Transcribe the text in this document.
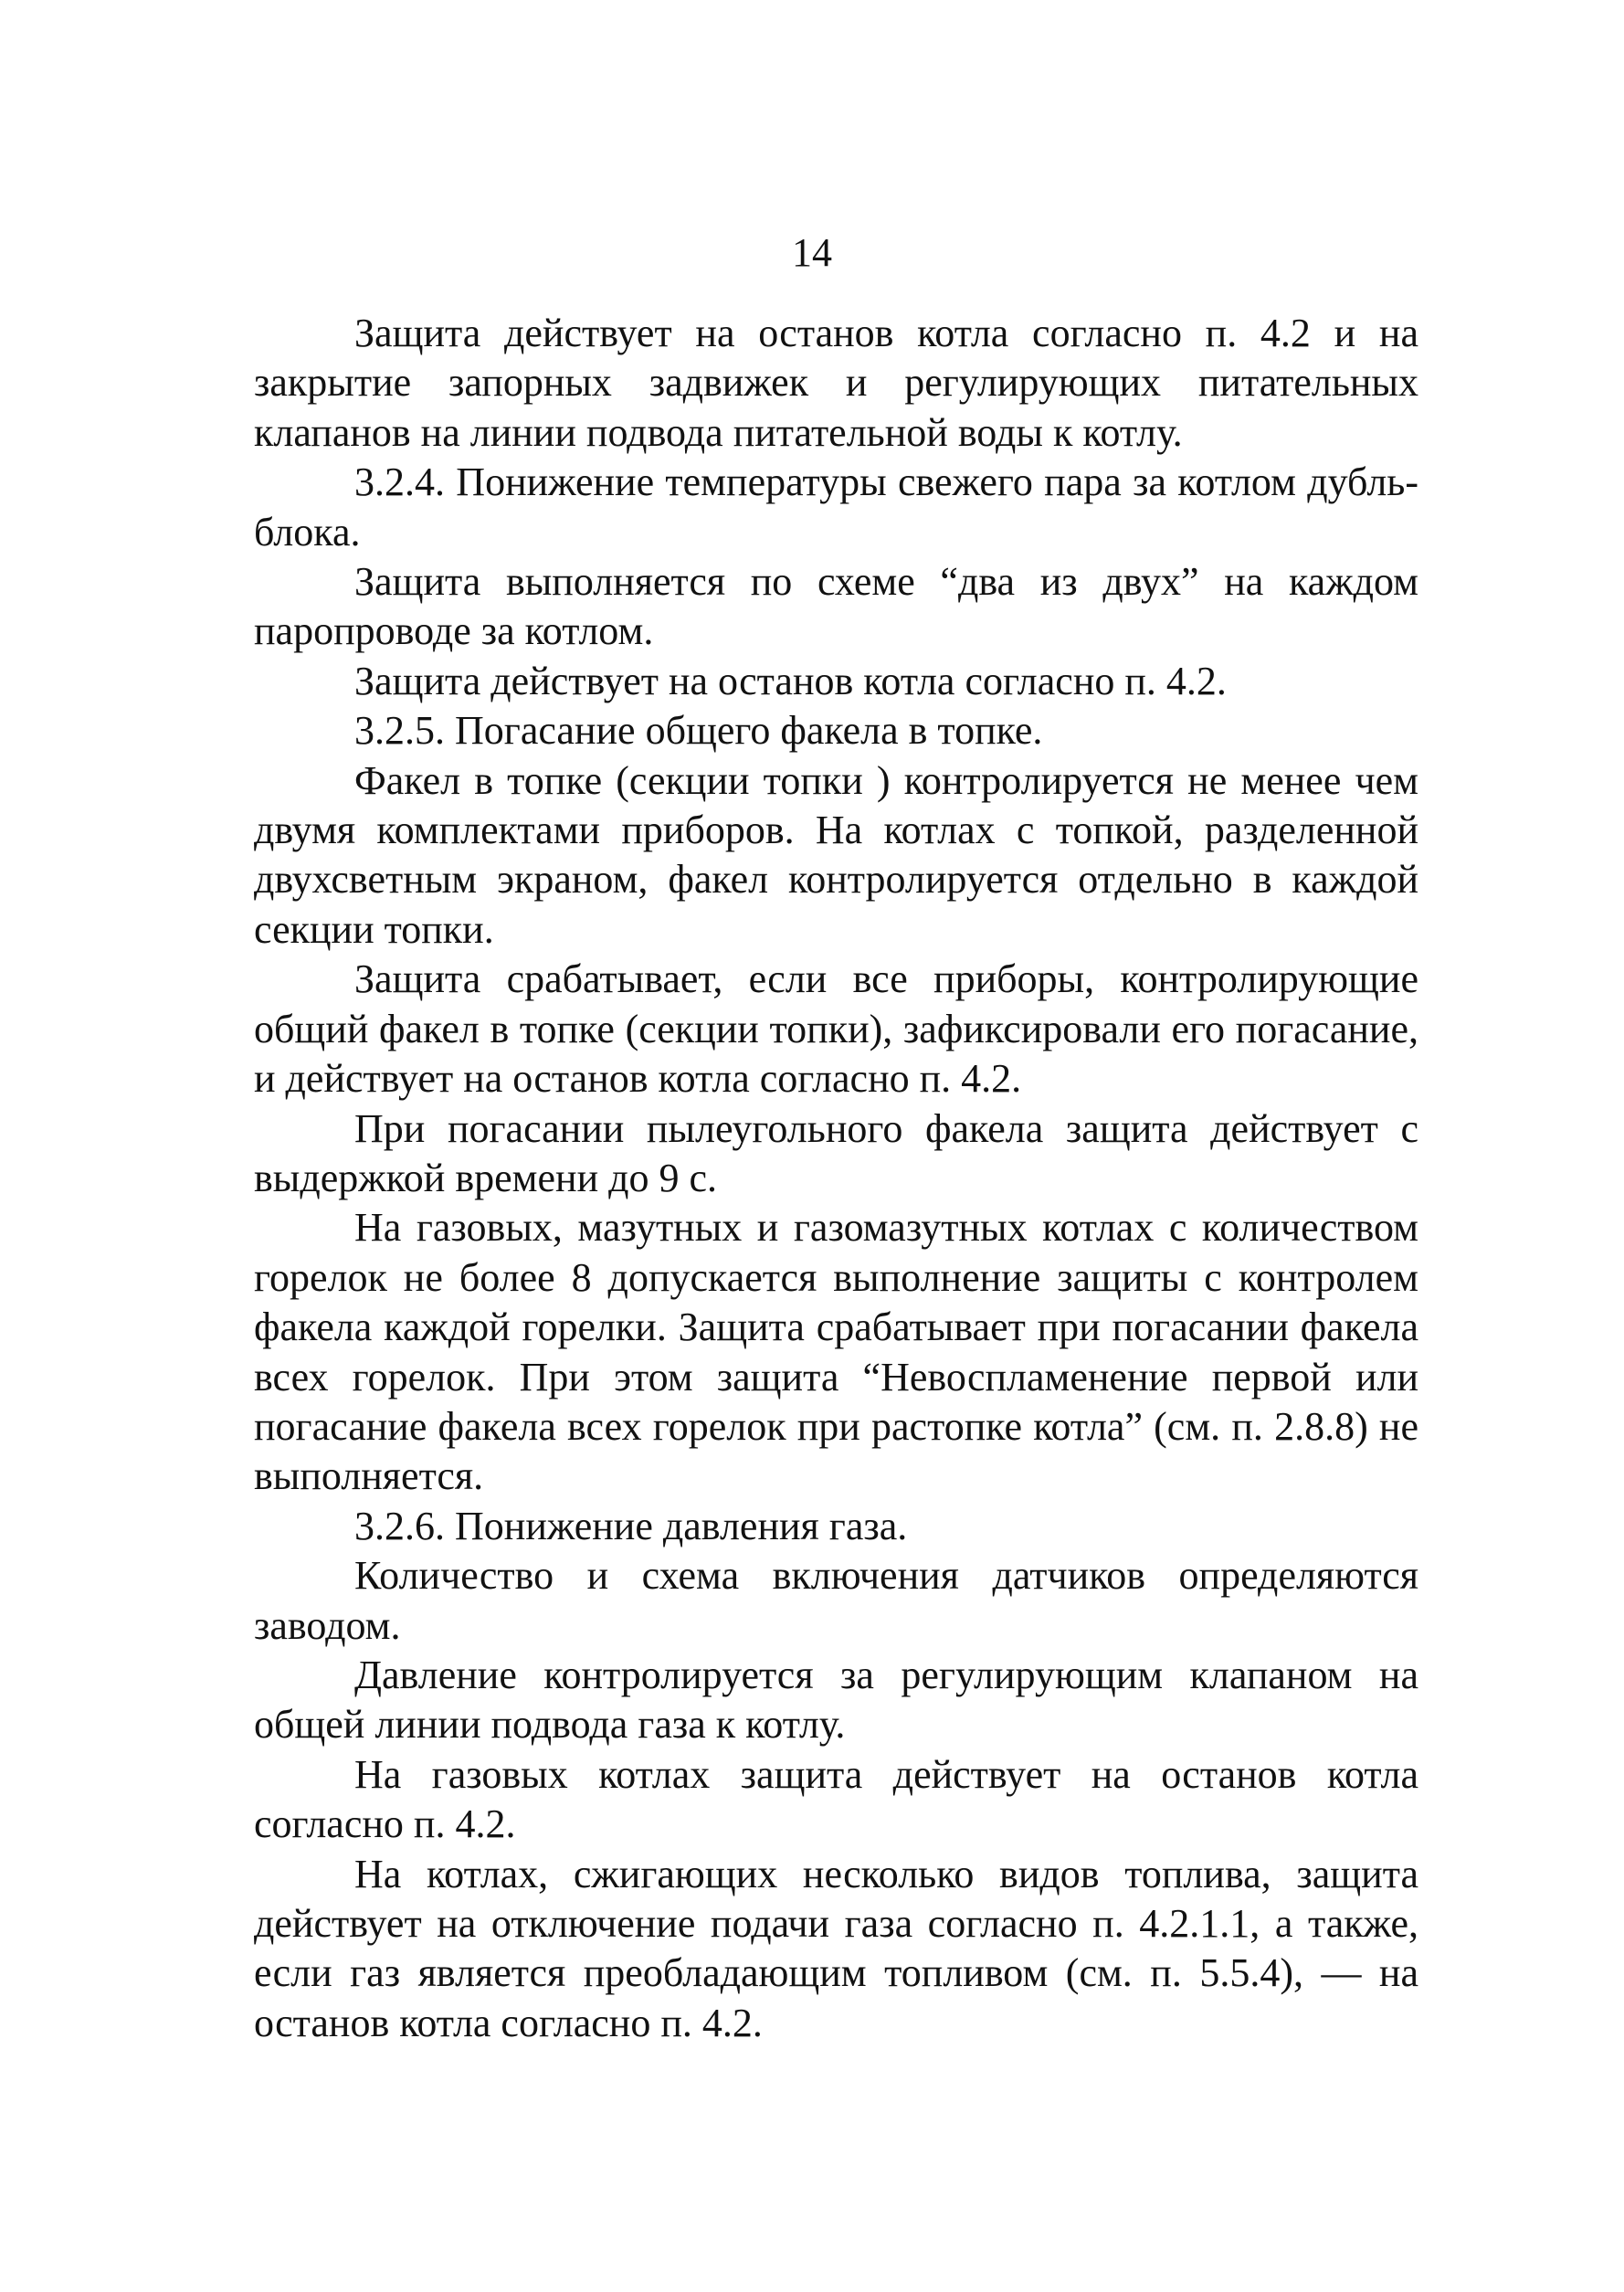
14

Защита действует на останов котла согласно п. 4.2 и на закрытие запорных задвижек и регулирующих питательных клапанов на линии подвода питательной воды к котлу.

3.2.4. Понижение температуры свежего пара за котлом дубль-блока.

Защита выполняется по схеме “два из двух” на каждом паропроводе за котлом.

Защита действует на останов котла согласно п. 4.2.

3.2.5. Погасание общего факела в топке.

Факел в топке (секции топки ) контролируется не менее чем двумя комплектами приборов. На котлах с топкой, разделенной двухсветным экраном, факел контролируется отдельно в каждой секции топки.

Защита срабатывает, если все приборы, контролирующие общий факел в топке (секции топки), зафиксировали его погасание, и действует на останов котла согласно п. 4.2.

При погасании пылеугольного факела защита действует с выдержкой времени до 9 с.

На газовых, мазутных и газомазутных котлах с количеством горелок не более 8 допускается выполнение защиты с контролем факела каждой горелки. Защита срабатывает при погасании факела всех горелок. При этом защита “Невоспламенение первой или погасание факела всех горелок при растопке котла” (см. п. 2.8.8) не выполняется.

3.2.6. Понижение давления газа.

Количество и схема включения датчиков определяются заводом.

Давление контролируется за регулирующим клапаном на общей линии подвода газа к котлу.

На газовых котлах защита действует на останов котла согласно п. 4.2.

На котлах, сжигающих несколько видов топлива, защита действует на отключение подачи газа согласно п. 4.2.1.1, а также, если газ является преобладающим топливом (см. п. 5.5.4), — на останов котла согласно п. 4.2.
